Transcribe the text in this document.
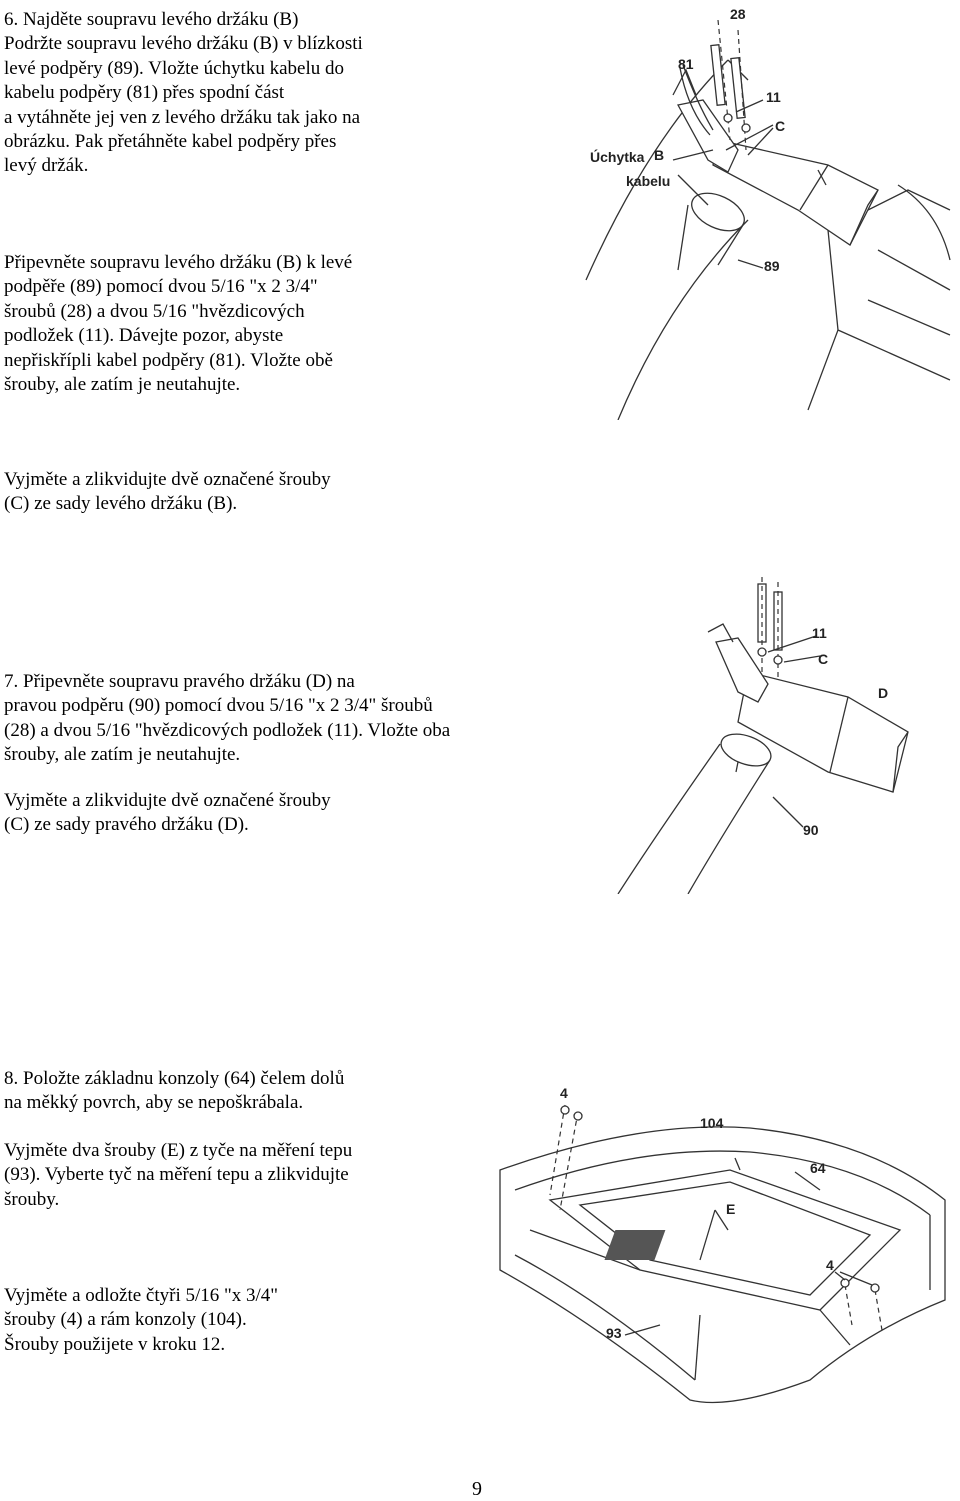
6. Najděte soupravu levého držáku (B)
Podržte soupravu levého držáku (B) v blízkosti
levé podpěry (89). Vložte úchytku kabelu do
kabelu podpěry (81) přes spodní část
a vytáhněte jej ven z levého držáku tak jako na
obrázku. Pak přetáhněte kabel podpěry přes
levý držák.
Připevněte soupravu levého držáku (B) k levé
podpěře (89) pomocí dvou 5/16 "x 2 3/4"
šroubů (28) a dvou 5/16 "hvězdicových
podložek (11). Dávejte pozor, abyste
nepřiskřípli kabel podpěry (81). Vložte obě
šrouby, ale zatím je neutahujte.
Vyjměte a zlikvidujte dvě označené šrouby
(C) ze sady levého držáku (B).
28
81
11
C
Úchytka
kabelu
B
89
7. Připevněte soupravu pravého držáku (D) na
pravou podpěru (90) pomocí dvou 5/16 "x 2 3/4" šroubů
(28) a dvou 5/16 "hvězdicových podložek (11). Vložte oba
šrouby, ale zatím je neutahujte.
Vyjměte a zlikvidujte dvě označené šrouby
(C) ze sady pravého držáku (D).
11
C
D
90
8. Položte základnu konzoly (64) čelem dolů
na měkký povrch, aby se nepoškrábala.
Vyjměte dva šrouby (E) z tyče na měření tepu
(93). Vyberte tyč na měření tepu a zlikvidujte
šrouby.
Vyjměte a odložte čtyři 5/16 "x 3/4"
šrouby (4) a rám konzoly (104).
Šrouby použijete v kroku 12.
4
104
64
E
4
93
9
